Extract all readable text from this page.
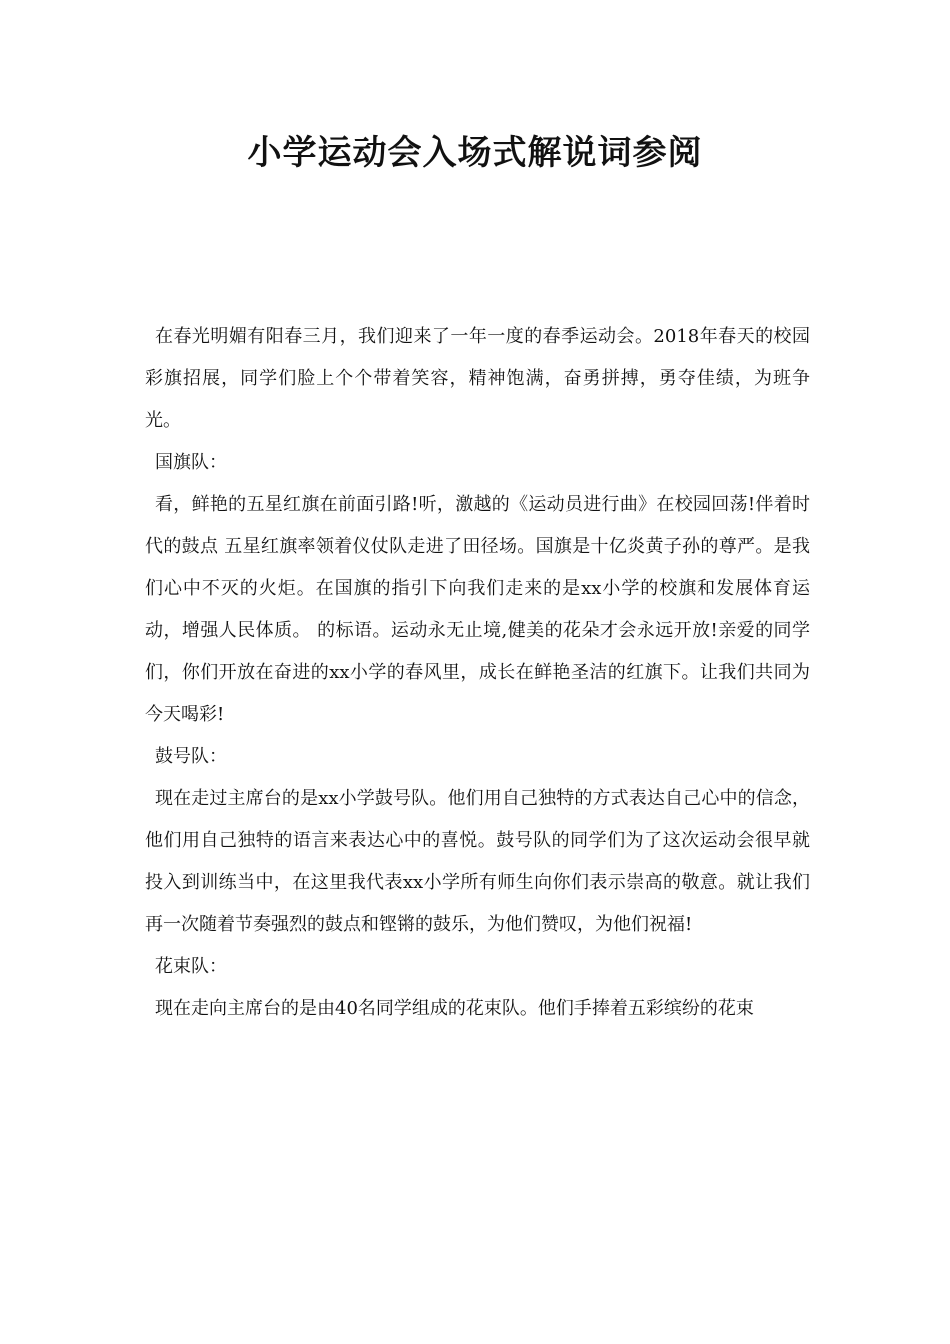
小学运动会入场式解说词参阅

在春光明媚有阳春三月，我们迎来了一年一度的春季运动会。2018年春天的校园彩旗招展，同学们脸上个个带着笑容，精神饱满，奋勇拼搏，勇夺佳绩，为班争光。

国旗队：

看，鲜艳的五星红旗在前面引路!听，激越的《运动员进行曲》在校园回荡!伴着时代的鼓点 五星红旗率领着仪仗队走进了田径场。国旗是十亿炎黄子孙的尊严。是我们心中不灭的火炬。在国旗的指引下向我们走来的是xx小学的校旗和发展体育运动，增强人民体质。 的标语。运动永无止境,健美的花朵才会永远开放!亲爱的同学们，你们开放在奋进的xx小学的春风里，成长在鲜艳圣洁的红旗下。让我们共同为今天喝彩!

鼓号队：

现在走过主席台的是xx小学鼓号队。他们用自己独特的方式表达自己心中的信念，他们用自己独特的语言来表达心中的喜悦。鼓号队的同学们为了这次运动会很早就投入到训练当中，在这里我代表xx小学所有师生向你们表示崇高的敬意。就让我们再一次随着节奏强烈的鼓点和铿锵的鼓乐，为他们赞叹，为他们祝福!

花束队：

现在走向主席台的是由40名同学组成的花束队。他们手捧着五彩缤纷的花束
